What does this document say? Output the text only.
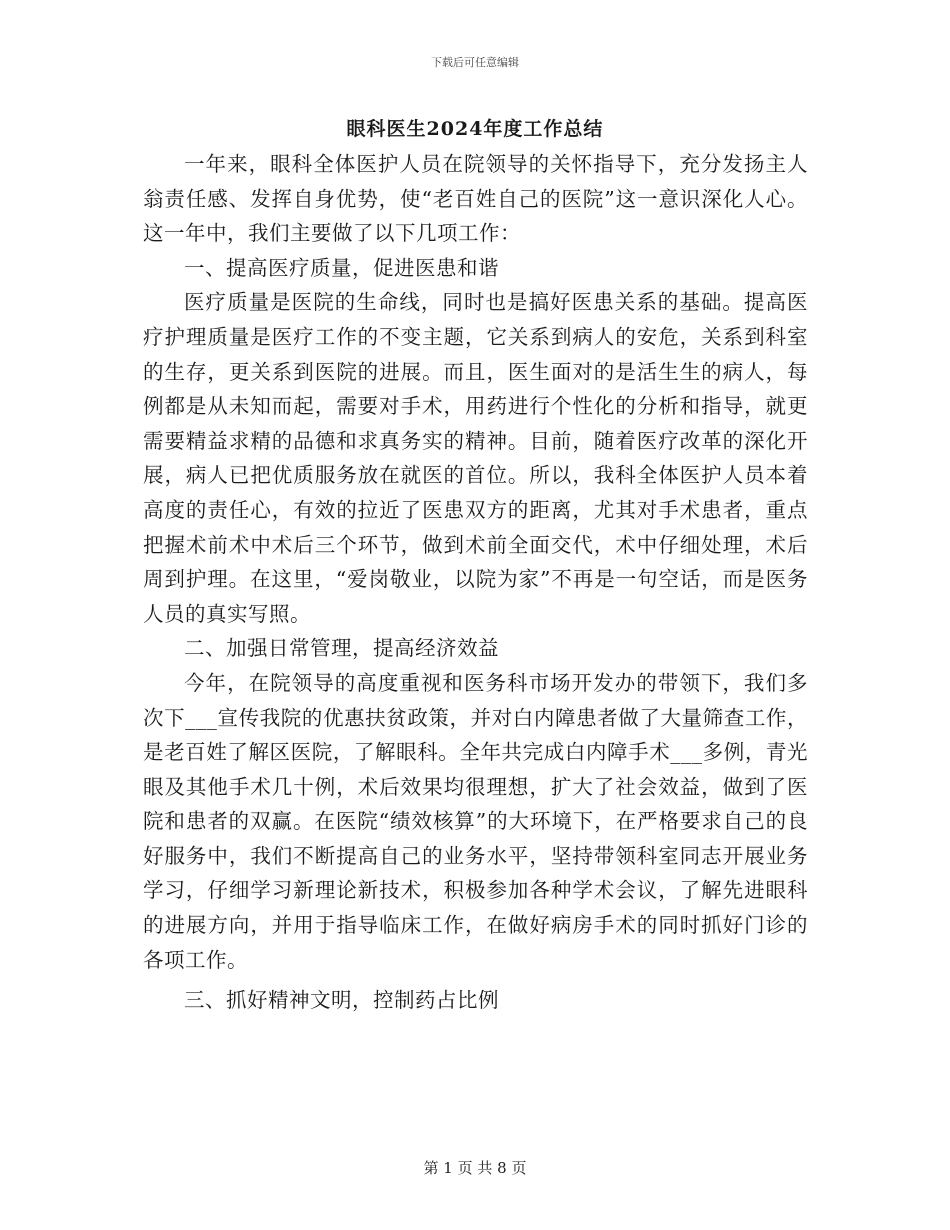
下载后可任意编辑
眼科医生2024年度工作总结

一年来，眼科全体医护人员在院领导的关怀指导下，充分发扬主人翁责任感、发挥自身优势，使“老百姓自己的医院”这一意识深化人心。这一年中，我们主要做了以下几项工作：

一、提高医疗质量，促进医患和谐

医疗质量是医院的生命线，同时也是搞好医患关系的基础。提高医疗护理质量是医疗工作的不变主题，它关系到病人的安危，关系到科室的生存，更关系到医院的进展。而且，医生面对的是活生生的病人，每例都是从未知而起，需要对手术，用药进行个性化的分析和指导，就更需要精益求精的品德和求真务实的精神。目前，随着医疗改革的深化开展，病人已把优质服务放在就医的首位。所以，我科全体医护人员本着高度的责任心，有效的拉近了医患双方的距离，尤其对手术患者，重点把握术前术中术后三个环节，做到术前全面交代，术中仔细处理，术后周到护理。在这里，“爱岗敬业，以院为家”不再是一句空话，而是医务人员的真实写照。

二、加强日常管理，提高经济效益

今年，在院领导的高度重视和医务科市场开发办的带领下，我们多次下___宣传我院的优惠扶贫政策，并对白内障患者做了大量筛查工作，是老百姓了解区医院，了解眼科。全年共完成白内障手术___多例，青光眼及其他手术几十例，术后效果均很理想，扩大了社会效益，做到了医院和患者的双赢。在医院“绩效核算”的大环境下，在严格要求自己的良好服务中，我们不断提高自己的业务水平，坚持带领科室同志开展业务学习，仔细学习新理论新技术，积极参加各种学术会议，了解先进眼科的进展方向，并用于指导临床工作，在做好病房手术的同时抓好门诊的各项工作。

三、抓好精神文明，控制药占比例

第 1 页 共 8 页
